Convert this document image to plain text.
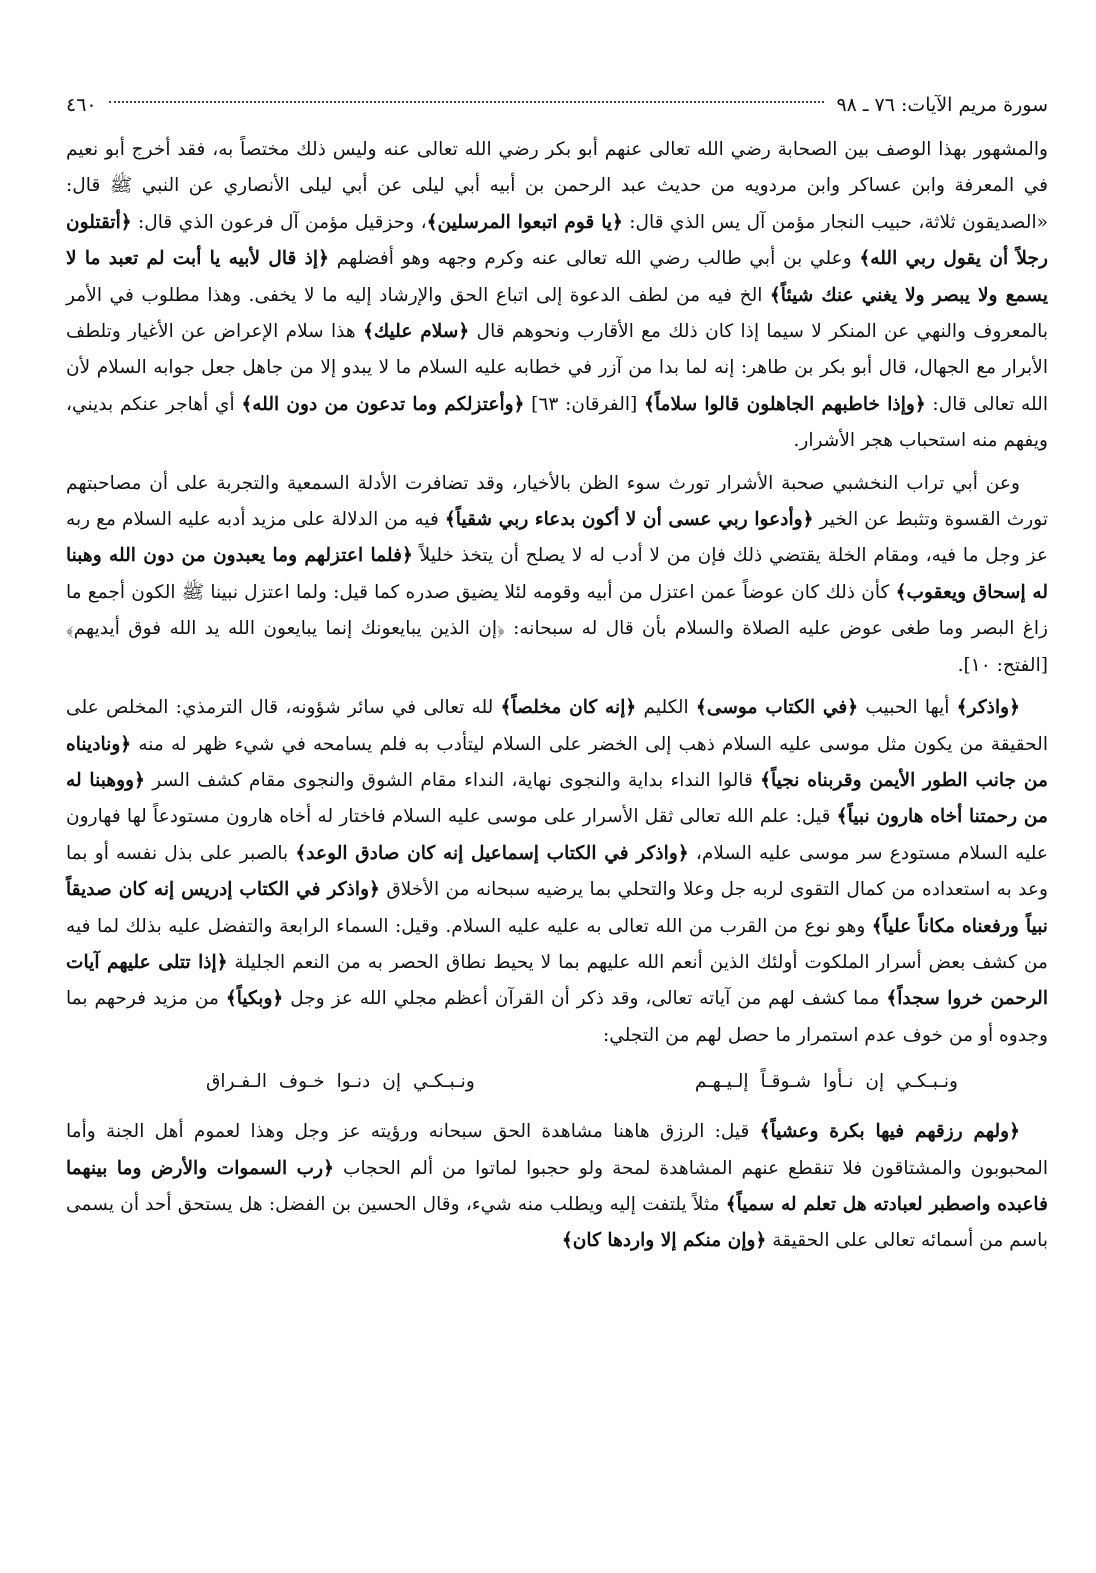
سورة مريم الآيات: ٧٦ ـ ٩٨
٤٦٠

والمشهور بهذا الوصف بين الصحابة رضي الله تعالى عنهم أبو بكر رضي الله تعالى عنه وليس ذلك مختصاً به، فقد أخرج أبو نعيم في المعرفة وابن عساكر وابن مردويه من حديث عبد الرحمن بن أبيه أبي ليلى عن أبي ليلى الأنصاري عن النبي ﷺ قال: «الصديقون ثلاثة، حبيب النجار مؤمن آل يس الذي قال: ﴿يا قوم اتبعوا المرسلين﴾، وحزقيل مؤمن آل فرعون الذي قال: ﴿أتقتلون رجلاً أن يقول ربي الله﴾ وعلي بن أبي طالب رضي الله تعالى عنه وكرم وجهه وهو أفضلهم ﴿إذ قال لأبيه يا أبت لم تعبد ما لا يسمع ولا يبصر ولا يغني عنك شيئاً﴾ الخ فيه من لطف الدعوة إلى اتباع الحق والإرشاد إليه ما لا يخفى. وهذا مطلوب في الأمر بالمعروف والنهي عن المنكر لا سيما إذا كان ذلك مع الأقارب ونحوهم قال ﴿سلام عليك﴾ هذا سلام الإعراض عن الأغيار وتلطف الأبرار مع الجهال، قال أبو بكر بن طاهر: إنه لما بدا من آزر في خطابه عليه السلام ما لا يبدو إلا من جاهل جعل جوابه السلام لأن الله تعالى قال: ﴿وإذا خاطبهم الجاهلون قالوا سلاماً﴾ [الفرقان: ٦٣] ﴿وأعتزلكم وما تدعون من دون الله﴾ أي أهاجر عنكم بديني، ويفهم منه استحباب هجر الأشرار.

وعن أبي تراب النخشبي صحبة الأشرار تورث سوء الظن بالأخيار، وقد تضافرت الأدلة السمعية والتجربة على أن مصاحبتهم تورث القسوة وتثبط عن الخير ﴿وأدعوا ربي عسى أن لا أكون بدعاء ربي شقياً﴾ فيه من الدلالة على مزيد أدبه عليه السلام مع ربه عز وجل ما فيه، ومقام الخلة يقتضي ذلك فإن من لا أدب له لا يصلح أن يتخذ خليلاً ﴿فلما اعتزلهم وما يعبدون من دون الله وهبنا له إسحاق ويعقوب﴾ كأن ذلك كان عوضاً عمن اعتزل من أبيه وقومه لئلا يضيق صدره كما قيل: ولما اعتزل نبينا ﷺ الكون أجمع ما زاغ البصر وما طغى عوض عليه الصلاة والسلام بأن قال له سبحانه: ﴿إن الذين يبايعونك إنما يبايعون الله يد الله فوق أيديهم﴾ [الفتح: ١٠].

﴿واذكر﴾ أيها الحبيب ﴿في الكتاب موسى﴾ الكليم ﴿إنه كان مخلصاً﴾ لله تعالى في سائر شؤونه، قال الترمذي: المخلص على الحقيقة من يكون مثل موسى عليه السلام ذهب إلى الخضر على السلام ليتأدب به فلم يسامحه في شيء ظهر له منه ﴿وناديناه من جانب الطور الأيمن وقربناه نجياً﴾ قالوا النداء بداية والنجوى نهاية، النداء مقام الشوق والنجوى مقام كشف السر ﴿ووهبنا له من رحمتنا أخاه هارون نبياً﴾ قيل: علم الله تعالى ثقل الأسرار على موسى عليه السلام فاختار له أخاه هارون مستودعاً لها فهارون عليه السلام مستودع سر موسى عليه السلام، ﴿واذكر في الكتاب إسماعيل إنه كان صادق الوعد﴾ بالصبر على بذل نفسه أو بما وعد به استعداده من كمال التقوى لربه جل وعلا والتحلي بما يرضيه سبحانه من الأخلاق ﴿واذكر في الكتاب إدريس إنه كان صديقاً نبياً ورفعناه مكاناً علياً﴾ وهو نوع من القرب من الله تعالى به عليه عليه السلام. وقيل: السماء الرابعة والتفضل عليه بذلك لما فيه من كشف بعض أسرار الملكوت أولئك الذين أنعم الله عليهم بما لا يحيط نطاق الحصر به من النعم الجليلة ﴿إذا تتلى عليهم آيات الرحمن خروا سجداً﴾ مما كشف لهم من آياته تعالى، وقد ذكر أن القرآن أعظم مجلي الله عز وجل ﴿وبكياً﴾ من مزيد فرحهم بما وجدوه أو من خوف عدم استمرار ما حصل لهم من التجلي:

ونـبـكـي إن نـأوا شـوقـاً إلـيـهـم
ونـبـكـي إن دنـوا خـوف الـفـراق

﴿ولهم رزقهم فيها بكرة وعشياً﴾ قيل: الرزق هاهنا مشاهدة الحق سبحانه ورؤيته عز وجل وهذا لعموم أهل الجنة وأما المحبوبون والمشتاقون فلا تنقطع عنهم المشاهدة لمحة ولو حجبوا لماتوا من ألم الحجاب ﴿رب السموات والأرض وما بينهما فاعبده واصطبر لعبادته هل تعلم له سمياً﴾ مثلاً يلتفت إليه ويطلب منه شيء، وقال الحسين بن الفضل: هل يستحق أحد أن يسمى باسم من أسمائه تعالى على الحقيقة ﴿وإن منكم إلا واردها كان﴾
